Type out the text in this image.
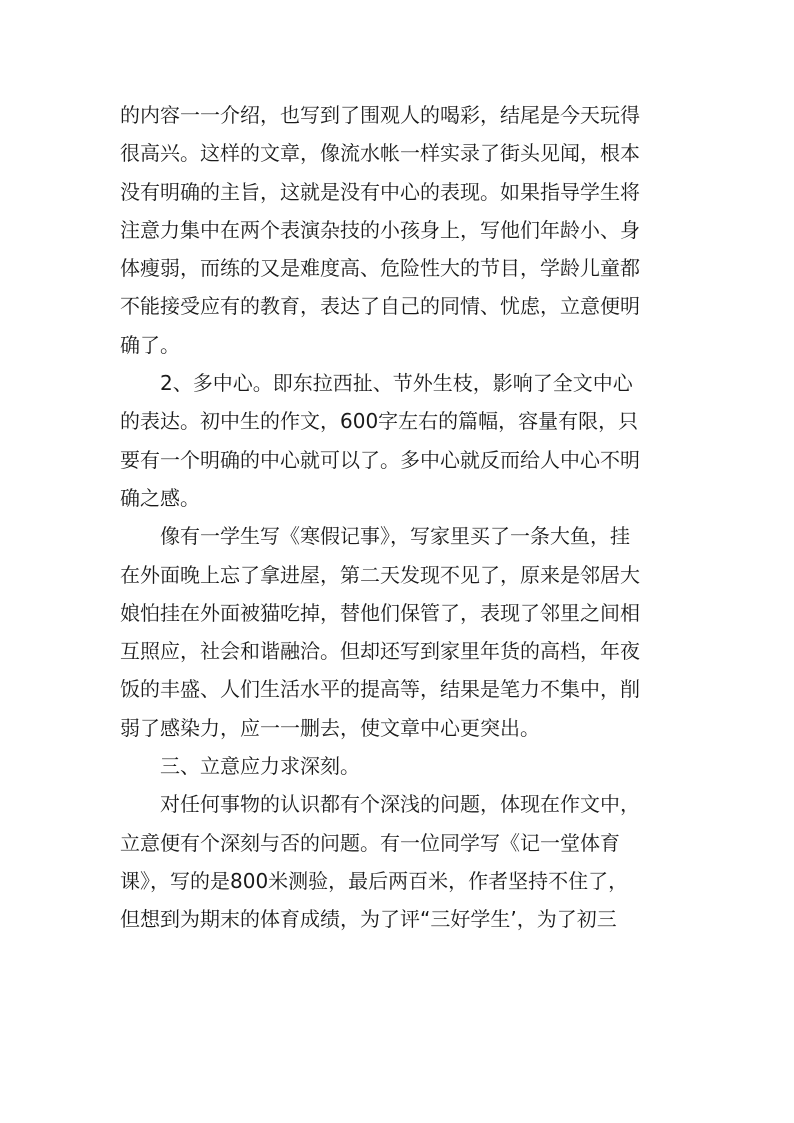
的内容一一介绍，也写到了围观人的喝彩，结尾是今天玩得
很高兴。这样的文章，像流水帐一样实录了街头见闻，根本
没有明确的主旨，这就是没有中心的表现。如果指导学生将
注意力集中在两个表演杂技的小孩身上，写他们年龄小、身
体瘦弱，而练的又是难度高、危险性大的节目，学龄儿童都
不能接受应有的教育，表达了自己的同情、忧虑，立意便明
确了。
2、多中心。即东拉西扯、节外生枝，影响了全文中心
的表达。初中生的作文，600字左右的篇幅，容量有限，只
要有一个明确的中心就可以了。多中心就反而给人中心不明
确之感。
像有一学生写《寒假记事》，写家里买了一条大鱼，挂
在外面晚上忘了拿进屋，第二天发现不见了，原来是邻居大
娘怕挂在外面被猫吃掉，替他们保管了，表现了邻里之间相
互照应，社会和谐融洽。但却还写到家里年货的高档，年夜
饭的丰盛、人们生活水平的提高等，结果是笔力不集中，削
弱了感染力，应一一删去，使文章中心更突出。
三、立意应力求深刻。
对任何事物的认识都有个深浅的问题，体现在作文中，
立意便有个深刻与否的问题。有一位同学写《记一堂体育
课》，写的是800米测验，最后两百米，作者坚持不住了，
但想到为期末的体育成绩，为了评“三好学生’，为了初三
